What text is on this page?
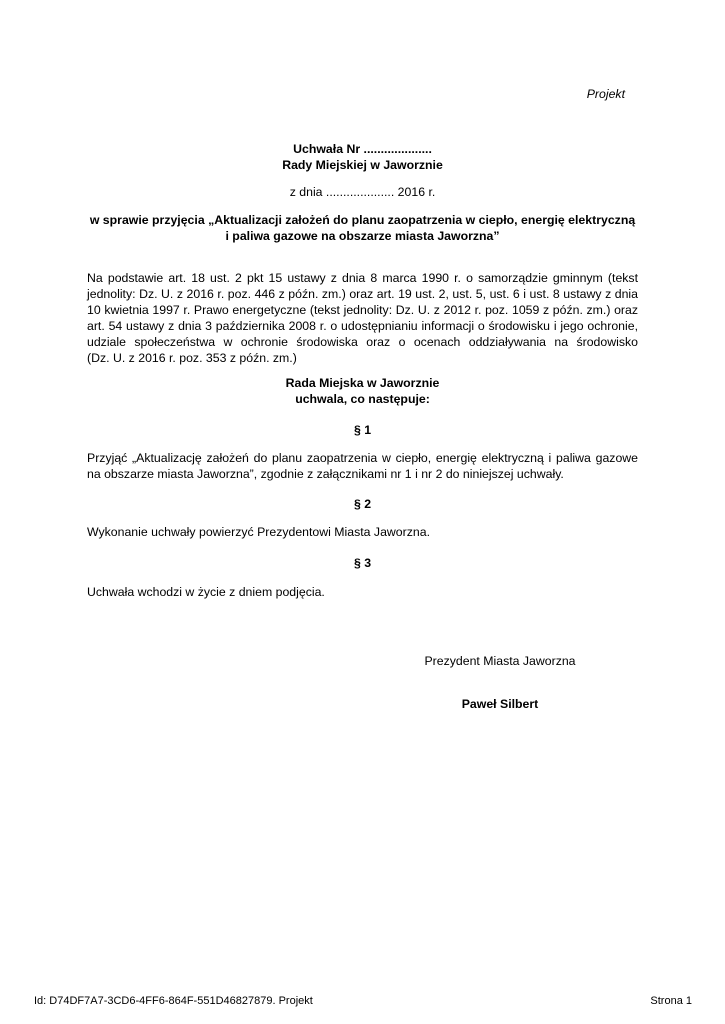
Projekt
Uchwała Nr ....................
Rady Miejskiej w Jaworznie
z dnia .................... 2016 r.
w sprawie przyjęcia „Aktualizacji założeń do planu zaopatrzenia w ciepło, energię elektryczną
i paliwa gazowe na obszarze miasta Jaworzna”
Na podstawie art. 18 ust. 2 pkt 15 ustawy z dnia 8 marca 1990 r. o samorządzie gminnym (tekst
jednolity: Dz. U. z 2016 r. poz. 446 z późn. zm.) oraz art. 19 ust. 2, ust. 5, ust. 6 i ust. 8 ustawy z dnia
10 kwietnia 1997 r. Prawo energetyczne (tekst jednolity: Dz. U. z 2012 r. poz. 1059 z późn. zm.) oraz
art. 54 ustawy z dnia 3 października 2008 r. o udostępnianiu informacji o środowisku i jego ochronie,
udziale społeczeństwa w ochronie środowiska oraz o ocenach oddziaływania na środowisko
(Dz. U. z 2016 r. poz. 353 z późn. zm.)
Rada Miejska w Jaworznie
uchwala, co następuje:
§ 1
Przyjąć „Aktualizację założeń do planu zaopatrzenia w ciepło, energię elektryczną i paliwa gazowe
na obszarze miasta Jaworzna”, zgodnie z załącznikami nr 1 i nr 2 do niniejszej uchwały.
§ 2
Wykonanie uchwały powierzyć Prezydentowi Miasta Jaworzna.
§ 3
Uchwała wchodzi w życie z dniem podjęcia.
Prezydent Miasta Jaworzna
Paweł Silbert
Id: D74DF7A7-3CD6-4FF6-864F-551D46827879. Projekt	Strona 1
